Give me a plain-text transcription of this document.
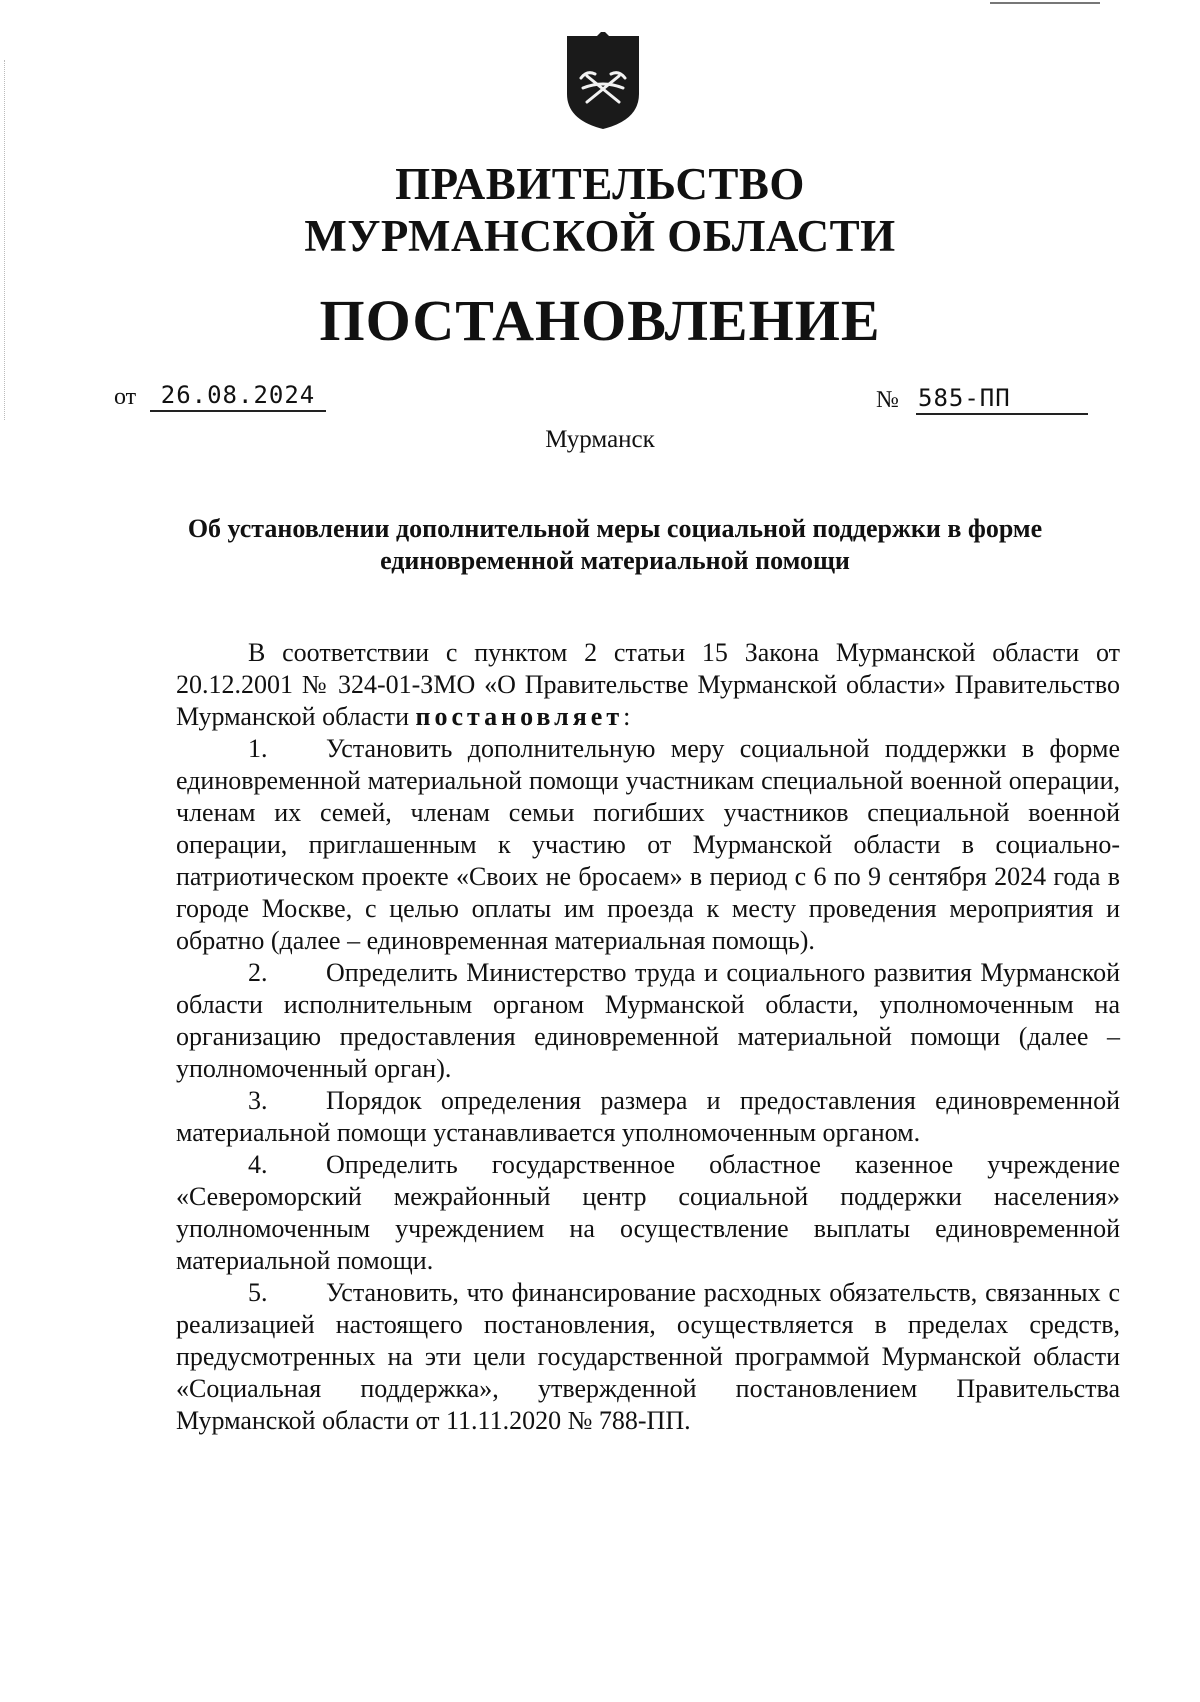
ПРАВИТЕЛЬСТВО
МУРМАНСКОЙ ОБЛАСТИ
ПОСТАНОВЛЕНИЕ
от	26.08.2024	№ 585-ПП
Мурманск
Об установлении дополнительной меры социальной поддержки в форме
единовременной материальной помощи

В соответствии с пунктом 2 статьи 15 Закона Мурманской области от 20.12.2001 № 324-01-ЗМО «О Правительстве Мурманской области» Правительство Мурманской области постановляет:

1. Установить дополнительную меру социальной поддержки в форме единовременной материальной помощи участникам специальной военной операции, членам их семей, членам семьи погибших участников специальной военной операции, приглашенным к участию от Мурманской области в социально-патриотическом проекте «Своих не бросаем» в период с 6 по 9 сентября 2024 года в городе Москве, с целью оплаты им проезда к месту проведения мероприятия и обратно (далее – единовременная материальная помощь).

2. Определить Министерство труда и социального развития Мурманской области исполнительным органом Мурманской области, уполномоченным на организацию предоставления единовременной материальной помощи (далее – уполномоченный орган).

3. Порядок определения размера и предоставления единовременной материальной помощи устанавливается уполномоченным органом.

4. Определить государственное областное казенное учреждение «Североморский межрайонный центр социальной поддержки населения» уполномоченным учреждением на осуществление выплаты единовременной материальной помощи.

5. Установить, что финансирование расходных обязательств, связанных с реализацией настоящего постановления, осуществляется в пределах средств, предусмотренных на эти цели государственной программой Мурманской области «Социальная поддержка», утвержденной постановлением Правительства Мурманской области от 11.11.2020 № 788-ПП.
